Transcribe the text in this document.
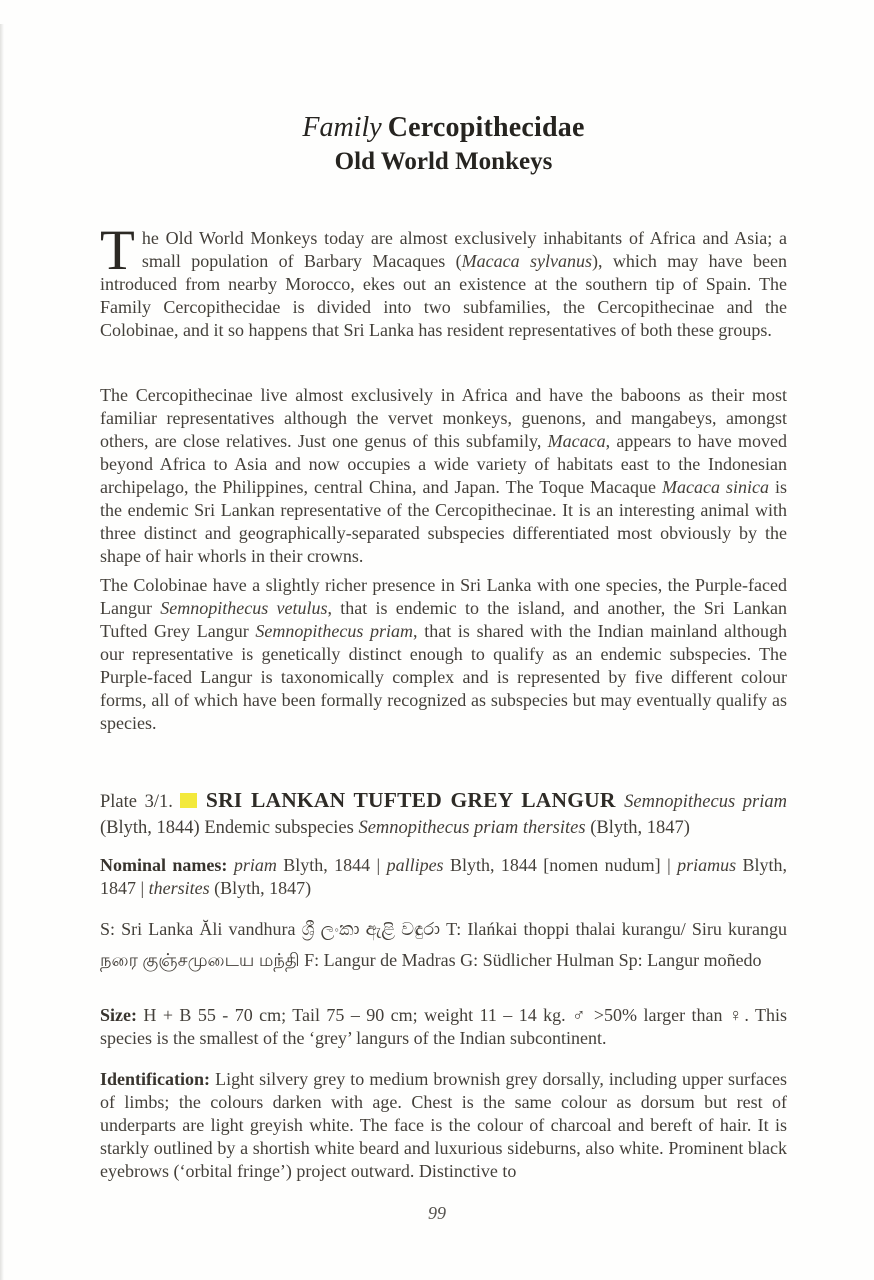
Family Cercopithecidae
Old World Monkeys

The Old World Monkeys today are almost exclusively inhabitants of Africa and Asia; a small population of Barbary Macaques (Macaca sylvanus), which may have been introduced from nearby Morocco, ekes out an existence at the southern tip of Spain. The Family Cercopithecidae is divided into two subfamilies, the Cercopithecinae and the Colobinae, and it so happens that Sri Lanka has resident representatives of both these groups.

The Cercopithecinae live almost exclusively in Africa and have the baboons as their most familiar representatives although the vervet monkeys, guenons, and mangabeys, amongst others, are close relatives. Just one genus of this subfamily, Macaca, appears to have moved beyond Africa to Asia and now occupies a wide variety of habitats east to the Indonesian archipelago, the Philippines, central China, and Japan. The Toque Macaque Macaca sinica is the endemic Sri Lankan representative of the Cercopithecinae. It is an interesting animal with three distinct and geographically-separated subspecies differentiated most obviously by the shape of hair whorls in their crowns.

The Colobinae have a slightly richer presence in Sri Lanka with one species, the Purple-faced Langur Semnopithecus vetulus, that is endemic to the island, and another, the Sri Lankan Tufted Grey Langur Semnopithecus priam, that is shared with the Indian mainland although our representative is genetically distinct enough to qualify as an endemic subspecies. The Purple-faced Langur is taxonomically complex and is represented by five different colour forms, all of which have been formally recognized as subspecies but may eventually qualify as species.

Plate 3/1. SRI LANKAN TUFTED GREY LANGUR Semnopithecus priam (Blyth, 1844) Endemic subspecies Semnopithecus priam thersites (Blyth, 1847)

Nominal names: priam Blyth, 1844 | pallipes Blyth, 1844 [nomen nudum] | priamus Blyth, 1847 | thersites (Blyth, 1847)

S: Sri Lanka Ăli vandhura ශ්‍රී ලංකා ඇළි වඳුරා T: Ilańkai thoppi thalai kurangu/ Siru kurangu நரை குஞ்சமுடைய மந்தி F: Langur de Madras G: Südlicher Hulman Sp: Langur moñedo

Size: H + B 55 - 70 cm; Tail 75 – 90 cm; weight 11 – 14 kg. ♂ >50% larger than ♀. This species is the smallest of the ‘grey’ langurs of the Indian subcontinent.

Identification: Light silvery grey to medium brownish grey dorsally, including upper surfaces of limbs; the colours darken with age. Chest is the same colour as dorsum but rest of underparts are light greyish white. The face is the colour of charcoal and bereft of hair. It is starkly outlined by a shortish white beard and luxurious sideburns, also white. Prominent black eyebrows (‘orbital fringe’) project outward. Distinctive to

99
